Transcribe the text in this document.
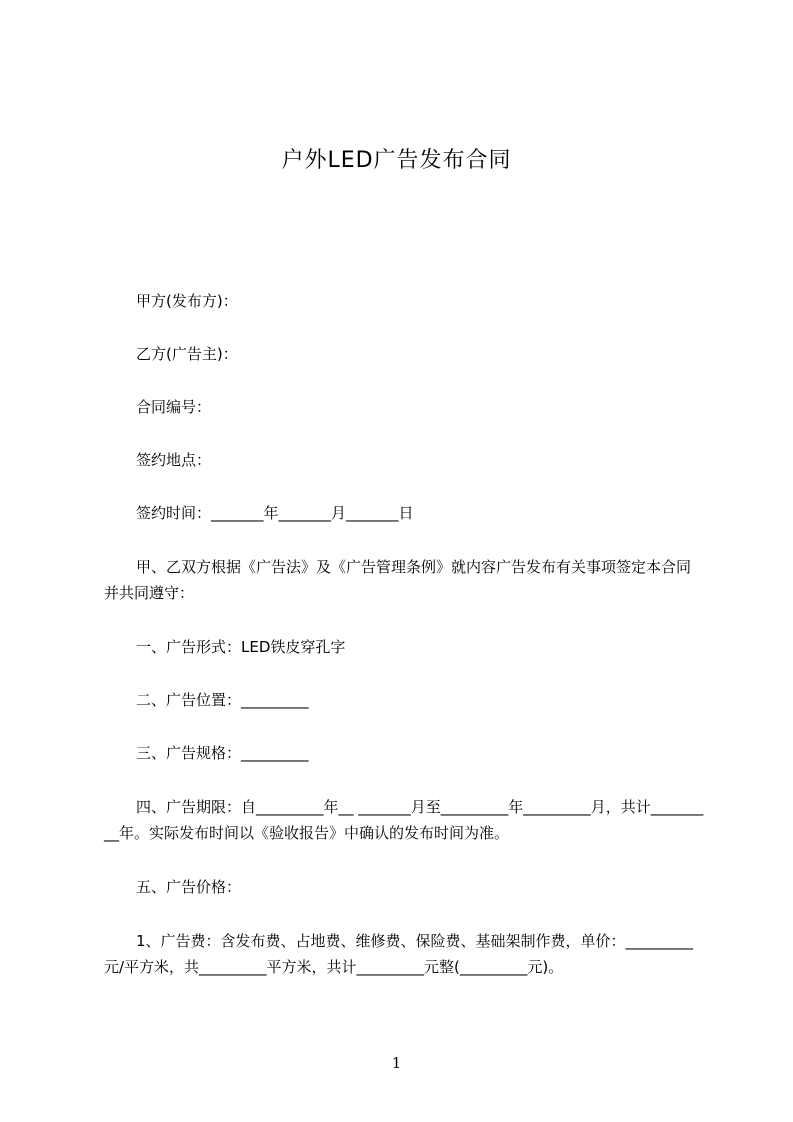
户外LED广告发布合同
甲方(发布方)：
乙方(广告主)：
合同编号：
签约地点：
签约时间：_______年_______月_______日
甲、乙双方根据《广告法》及《广告管理条例》就内容广告发布有关事项签定本合同并共同遵守：
一、广告形式：LED铁皮穿孔字
二、广告位置：_________
三、广告规格：_________
四、广告期限：自_________年__ _______月至_________年_________月，共计_________年。实际发布时间以《验收报告》中确认的发布时间为准。
五、广告价格：
1、广告费：含发布费、占地费、维修费、保险费、基础架制作费，单价：_________元/平方米，共_________平方米，共计_________元整(_________元)。
1
